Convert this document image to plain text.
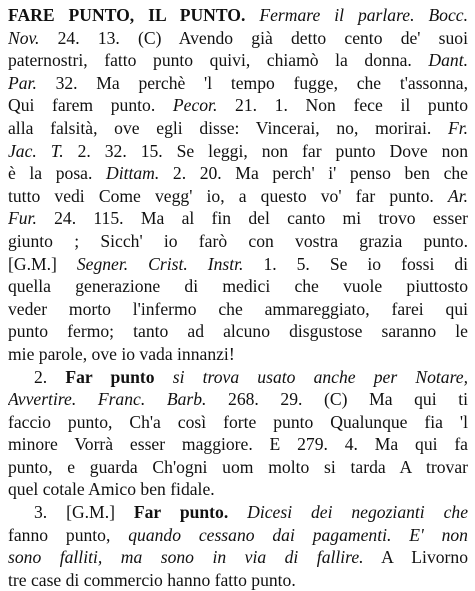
FARE PUNTO, IL PUNTO. Fermare il parlare. Bocc.
Nov. 24. 13. (C) Avendo già detto cento de' suoi
paternostri, fatto punto quivi, chiamò la donna. Dant.
Par. 32. Ma perchè 'l tempo fugge, che t'assonna,
Qui farem punto. Pecor. 21. 1. Non fece il punto
alla falsità, ove egli disse: Vincerai, no, morirai. Fr.
Jac. T. 2. 32. 15. Se leggi, non far punto Dove non
è la posa. Dittam. 2. 20. Ma perch' i' penso ben che
tutto vedi Come vegg' io, a questo vo' far punto. Ar.
Fur. 24. 115. Ma al fin del canto mi trovo esser
giunto ; Sicch' io farò con vostra grazia punto.
[G.M.] Segner. Crist. Instr. 1. 5. Se io fossi di
quella generazione di medici che vuole piuttosto
veder morto l'infermo che ammareggiato, farei qui
punto fermo; tanto ad alcuno disgustose saranno le
mie parole, ove io vada innanzi!
2. Far punto si trova usato anche per Notare,
Avvertire. Franc. Barb. 268. 29. (C) Ma qui ti
faccio punto, Ch'a così forte punto Qualunque fia 'l
minore Vorrà esser maggiore. E 279. 4. Ma qui fa
punto, e guarda Ch'ogni uom molto si tarda A trovar
quel cotale Amico ben fidale.
3. [G.M.] Far punto. Dicesi dei negozianti che
fanno punto, quando cessano dai pagamenti. E' non
sono falliti, ma sono in via di fallire. A Livorno
tre case di commercio hanno fatto punto.
